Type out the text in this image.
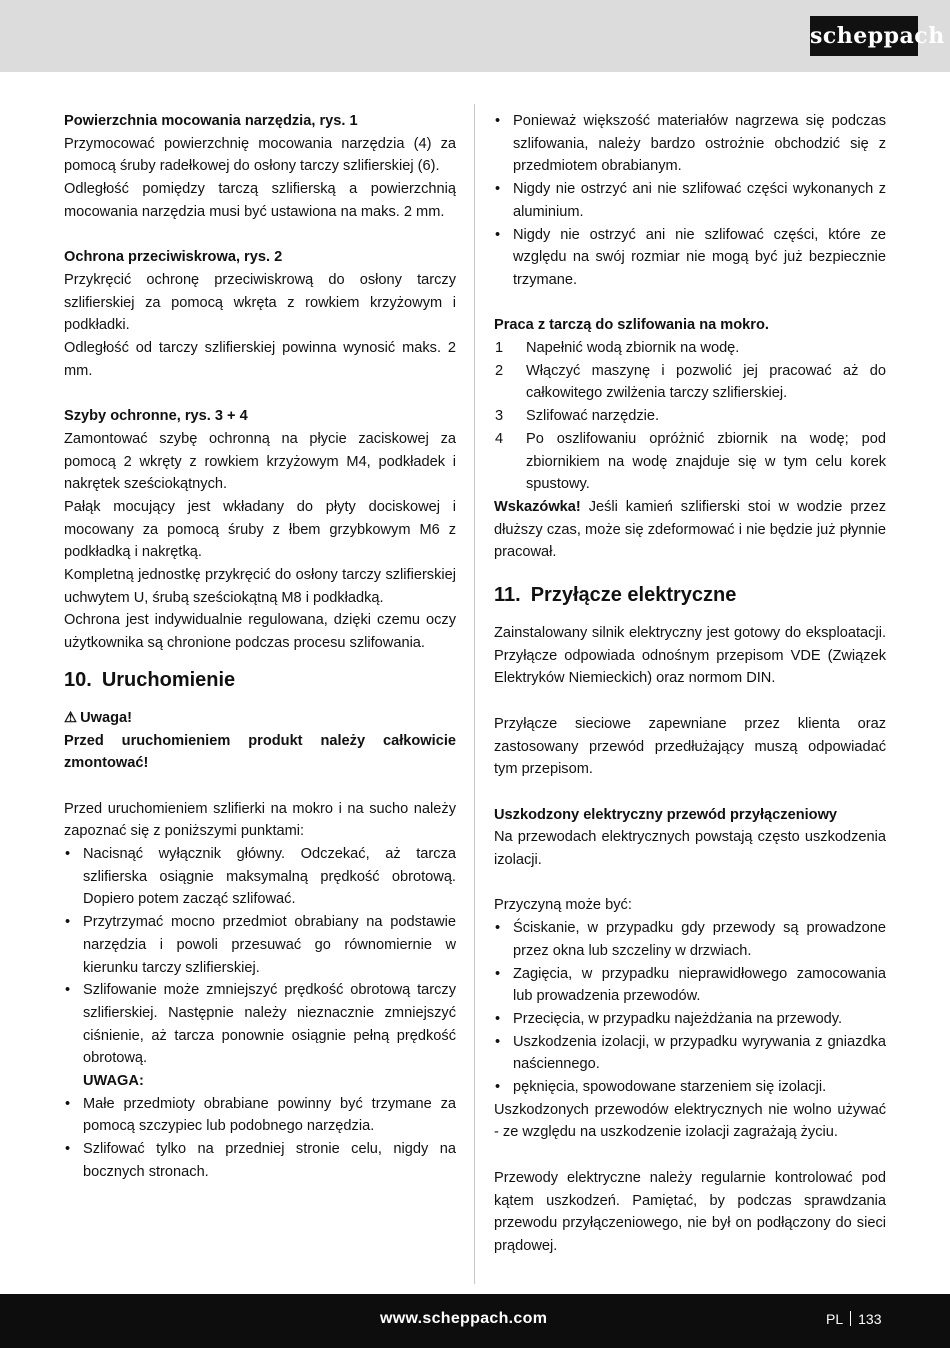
scheppach

Powierzchnia mocowania narzędzia, rys. 1

Przymocować powierzchnię mocowania narzędzia (4) za pomocą śruby radełkowej do osłony tarczy szlifierskiej (6).

Odległość pomiędzy tarczą szlifierską a powierzchnią mocowania narzędzia musi być ustawiona na maks. 2 mm.

Ochrona przeciwiskrowa, rys. 2

Przykręcić ochronę przeciwiskrową do osłony tarczy szlifierskiej za pomocą wkręta z rowkiem krzyżowym i podkładki.

Odległość od tarczy szlifierskiej powinna wynosić maks. 2 mm.

Szyby ochronne, rys. 3 + 4

Zamontować szybę ochronną na płycie zaciskowej za pomocą 2 wkręty z rowkiem krzyżowym M4, podkładek i nakrętek sześciokątnych.

Pałąk mocujący jest wkładany do płyty dociskowej i mocowany za pomocą śruby z łbem grzybkowym M6 z podkładką i nakrętką.

Kompletną jednostkę przykręcić do osłony tarczy szlifierskiej uchwytem U, śrubą sześciokątną M8 i podkładką.

Ochrona jest indywidualnie regulowana, dzięki czemu oczy użytkownika są chronione podczas procesu szlifowania.

10. Uruchomienie

⚠ Uwaga!

Przed uruchomieniem produkt należy całkowicie zmontować!

Przed uruchomieniem szlifierki na mokro i na sucho należy zapoznać się z poniższymi punktami:

• Nacisnąć wyłącznik główny. Odczekać, aż tarcza szlifierska osiągnie maksymalną prędkość obrotową. Dopiero potem zacząć szlifować.
• Przytrzymać mocno przedmiot obrabiany na podstawie narzędzia i powoli przesuwać go równomiernie w kierunku tarczy szlifierskiej.
• Szlifowanie może zmniejszyć prędkość obrotową tarczy szlifierskiej. Następnie należy nieznacznie zmniejszyć ciśnienie, aż tarcza ponownie osiągnie pełną prędkość obrotową.

UWAGA:

• Małe przedmioty obrabiane powinny być trzymane za pomocą szczypiec lub podobnego narzędzia.
• Szlifować tylko na przedniej stronie celu, nigdy na bocznych stronach.
• Ponieważ większość materiałów nagrzewa się podczas szlifowania, należy bardzo ostrożnie obchodzić się z przedmiotem obrabianym.
• Nigdy nie ostrzyć ani nie szlifować części wykonanych z aluminium.
• Nigdy nie ostrzyć ani nie szlifować części, które ze względu na swój rozmiar nie mogą być już bezpiecznie trzymane.

Praca z tarczą do szlifowania na mokro.

1 Napełnić wodą zbiornik na wodę.
2 Włączyć maszynę i pozwolić jej pracować aż do całkowitego zwilżenia tarczy szlifierskiej.
3 Szlifować narzędzie.
4 Po oszlifowaniu opróżnić zbiornik na wodę; pod zbiornikiem na wodę znajduje się w tym celu korek spustowy.

Wskazówka! Jeśli kamień szlifierski stoi w wodzie przez dłuższy czas, może się zdeformować i nie będzie już płynnie pracował.

11. Przyłącze elektryczne

Zainstalowany silnik elektryczny jest gotowy do eksploatacji. Przyłącze odpowiada odnośnym przepisom VDE (Związek Elektryków Niemieckich) oraz normom DIN.

Przyłącze sieciowe zapewniane przez klienta oraz zastosowany przewód przedłużający muszą odpowiadać tym przepisom.

Uszkodzony elektryczny przewód przyłączeniowy

Na przewodach elektrycznych powstają często uszkodzenia izolacji.

Przyczyną może być:

• Ściskanie, w przypadku gdy przewody są prowadzone przez okna lub szczeliny w drzwiach.
• Zagięcia, w przypadku nieprawidłowego zamocowania lub prowadzenia przewodów.
• Przecięcia, w przypadku najeżdżania na przewody.
• Uszkodzenia izolacji, w przypadku wyrywania z gniazdka naściennego.
• pęknięcia, spowodowane starzeniem się izolacji.

Uszkodzonych przewodów elektrycznych nie wolno używać - ze względu na uszkodzenie izolacji zagrażają życiu.

Przewody elektryczne należy regularnie kontrolować pod kątem uszkodzeń. Pamiętać, by podczas sprawdzania przewodu przyłączeniowego, nie był on podłączony do sieci prądowej.

www.scheppach.com	PL 133
